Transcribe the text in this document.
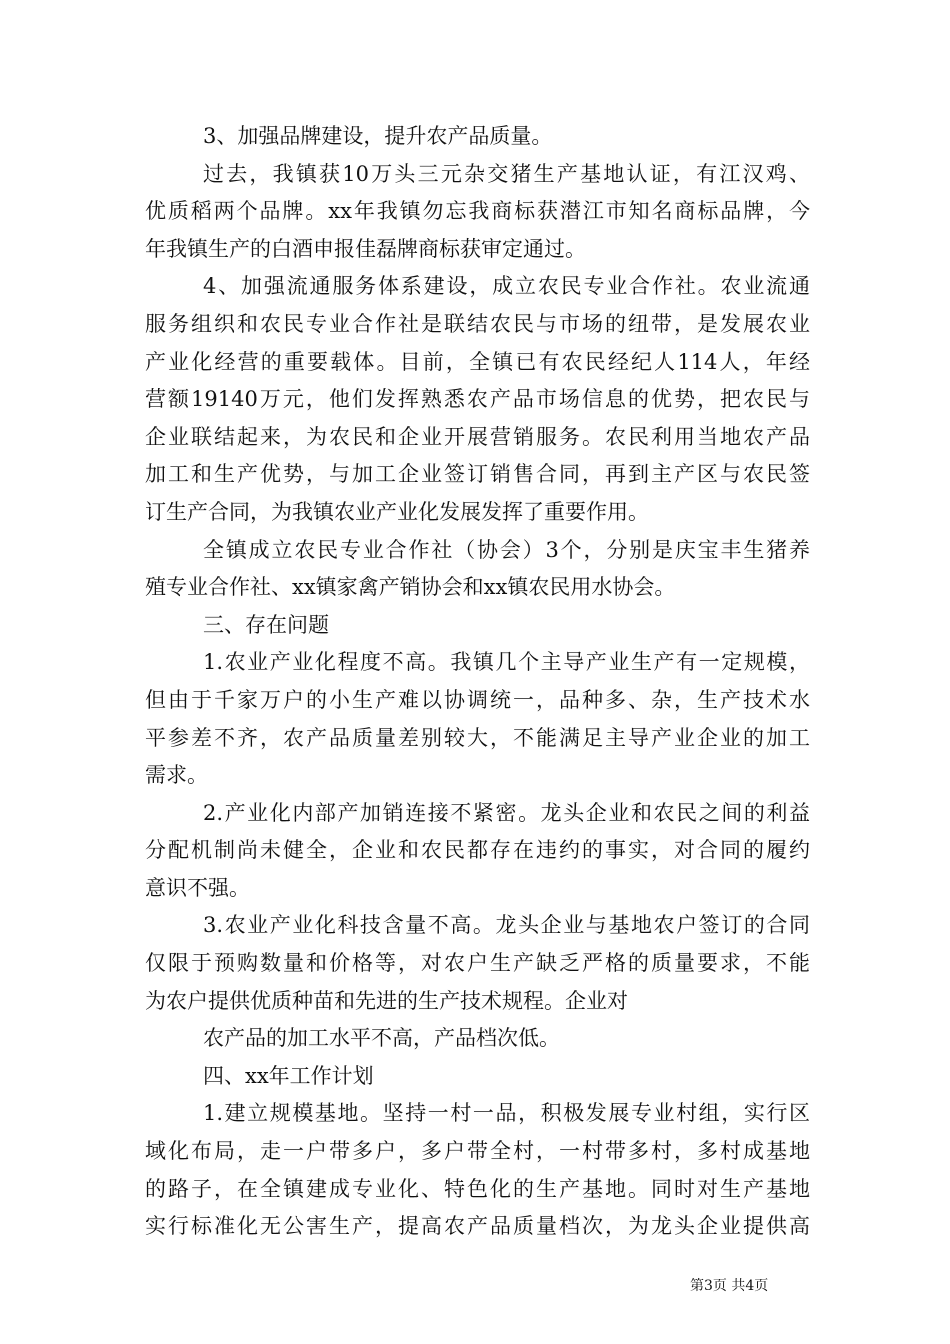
3、加强品牌建设，提升农产品质量。
过去，我镇获10万头三元杂交猪生产基地认证，有江汉鸡、
优质稻两个品牌。xx年我镇勿忘我商标获潜江市知名商标品牌，今
年我镇生产的白酒申报佳磊牌商标获审定通过。
4、加强流通服务体系建设，成立农民专业合作社。农业流通
服务组织和农民专业合作社是联结农民与市场的纽带，是发展农业
产业化经营的重要载体。目前，全镇已有农民经纪人114人，年经
营额19140万元，他们发挥熟悉农产品市场信息的优势，把农民与
企业联结起来，为农民和企业开展营销服务。农民利用当地农产品
加工和生产优势，与加工企业签订销售合同，再到主产区与农民签
订生产合同，为我镇农业产业化发展发挥了重要作用。
全镇成立农民专业合作社（协会）3个，分别是庆宝丰生猪养
殖专业合作社、xx镇家禽产销协会和xx镇农民用水协会。
三、存在问题
1.农业产业化程度不高。我镇几个主导产业生产有一定规模，
但由于千家万户的小生产难以协调统一，品种多、杂，生产技术水
平参差不齐，农产品质量差别较大，不能满足主导产业企业的加工
需求。
2.产业化内部产加销连接不紧密。龙头企业和农民之间的利益
分配机制尚未健全，企业和农民都存在违约的事实，对合同的履约
意识不强。
3.农业产业化科技含量不高。龙头企业与基地农户签订的合同
仅限于预购数量和价格等，对农户生产缺乏严格的质量要求，不能
为农户提供优质种苗和先进的生产技术规程。企业对
农产品的加工水平不高，产品档次低。
四、xx年工作计划
1.建立规模基地。坚持一村一品，积极发展专业村组，实行区
域化布局，走一户带多户，多户带全村，一村带多村，多村成基地
的路子，在全镇建成专业化、特色化的生产基地。同时对生产基地
实行标准化无公害生产，提高农产品质量档次，为龙头企业提供高
第3页 共4页
